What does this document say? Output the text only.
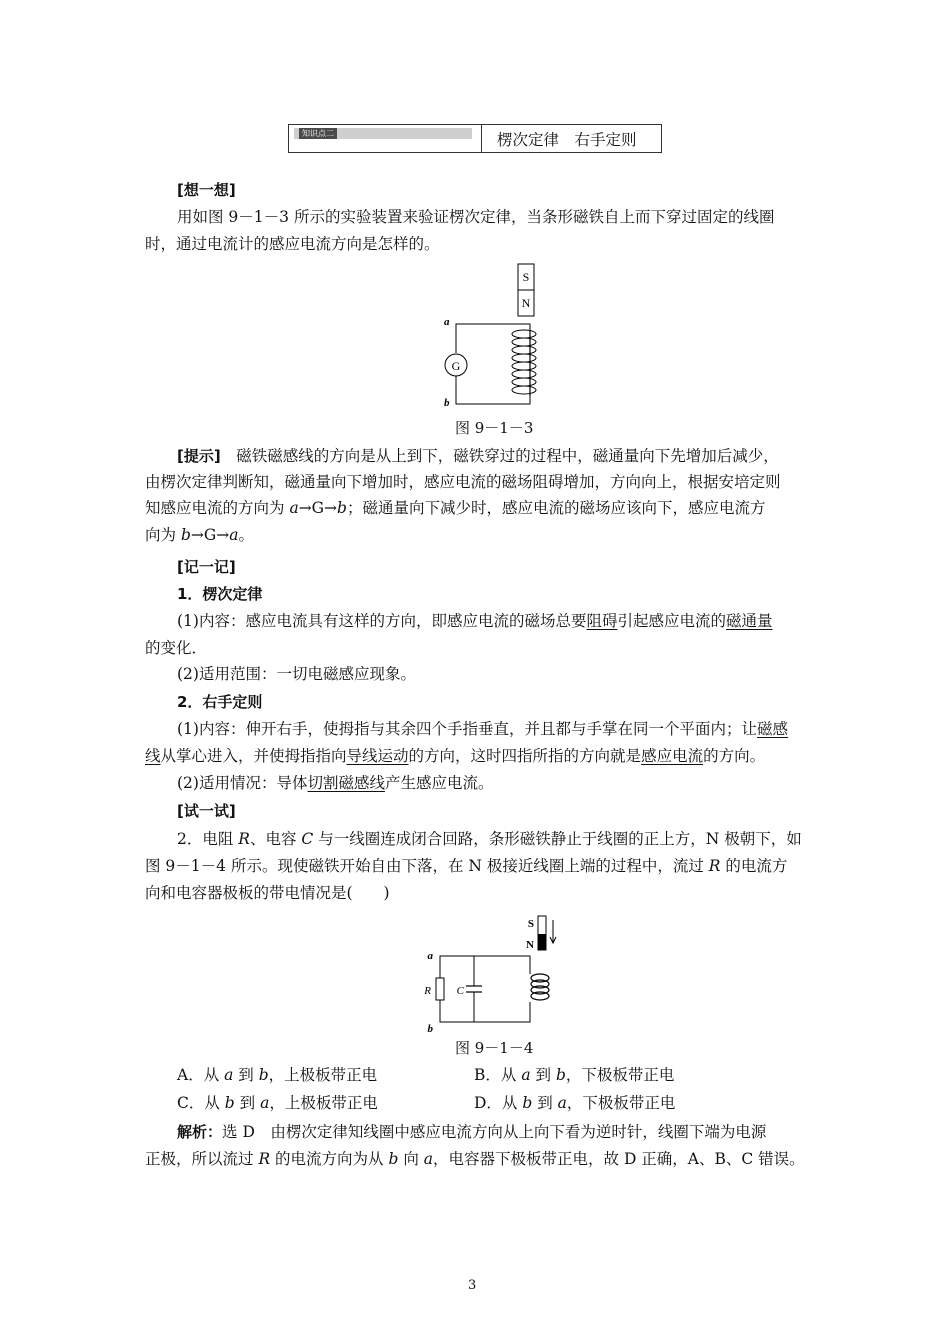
知识点二	楞次定律　右手定则
[想一想]
用如图 9－1－3 所示的实验装置来验证楞次定律，当条形磁铁自上而下穿过固定的线圈
时，通过电流计的感应电流方向是怎样的。
S
N
G
a
b
图 9－1－3
[提示]　 磁铁磁感线的方向是从上到下，磁铁穿过的过程中，磁通量向下先增加后减少，
由楞次定律判断知，磁通量向下增加时，感应电流的磁场阻碍增加，方向向上，根据安培定则
知感应电流的方向为 a→G→b；磁通量向下减少时，感应电流的磁场应该向下，感应电流方
向为 b→G→a。
[记一记]
1．楞次定律
(1)内容：感应电流具有这样的方向，即感应电流的磁场总要阻碍引起感应电流的磁通量
的变化．
(2)适用范围：一切电磁感应现象。
2．右手定则
(1)内容：伸开右手，使拇指与其余四个手指垂直，并且都与手掌在同一个平面内；让磁感
线从掌心进入，并使拇指指向导线运动的方向，这时四指所指的方向就是感应电流的方向。
(2)适用情况：导体切割磁感线产生感应电流。
[试一试]
2．电阻 R、电容 C 与一线圈连成闭合回路，条形磁铁静止于线圈的正上方，N 极朝下，如
图 9－1－4 所示。现使磁铁开始自由下落，在 N 极接近线圈上端的过程中，流过 R 的电流方
向和电容器极板的带电情况是(　　)
S
N
a
b
R C
图 9－1－4
A．从 a 到 b，上极板带正电	B．从 a 到 b，下极板带正电
C．从 b 到 a，上极板带正电	D．从 b 到 a，下极板带正电
解析：选 D　由楞次定律知线圈中感应电流方向从上向下看为逆时针，线圈下端为电源
正极，所以流过 R 的电流方向为从 b 向 a，电容器下极板带正电，故 D 正确，A、B、C 错误。
3
